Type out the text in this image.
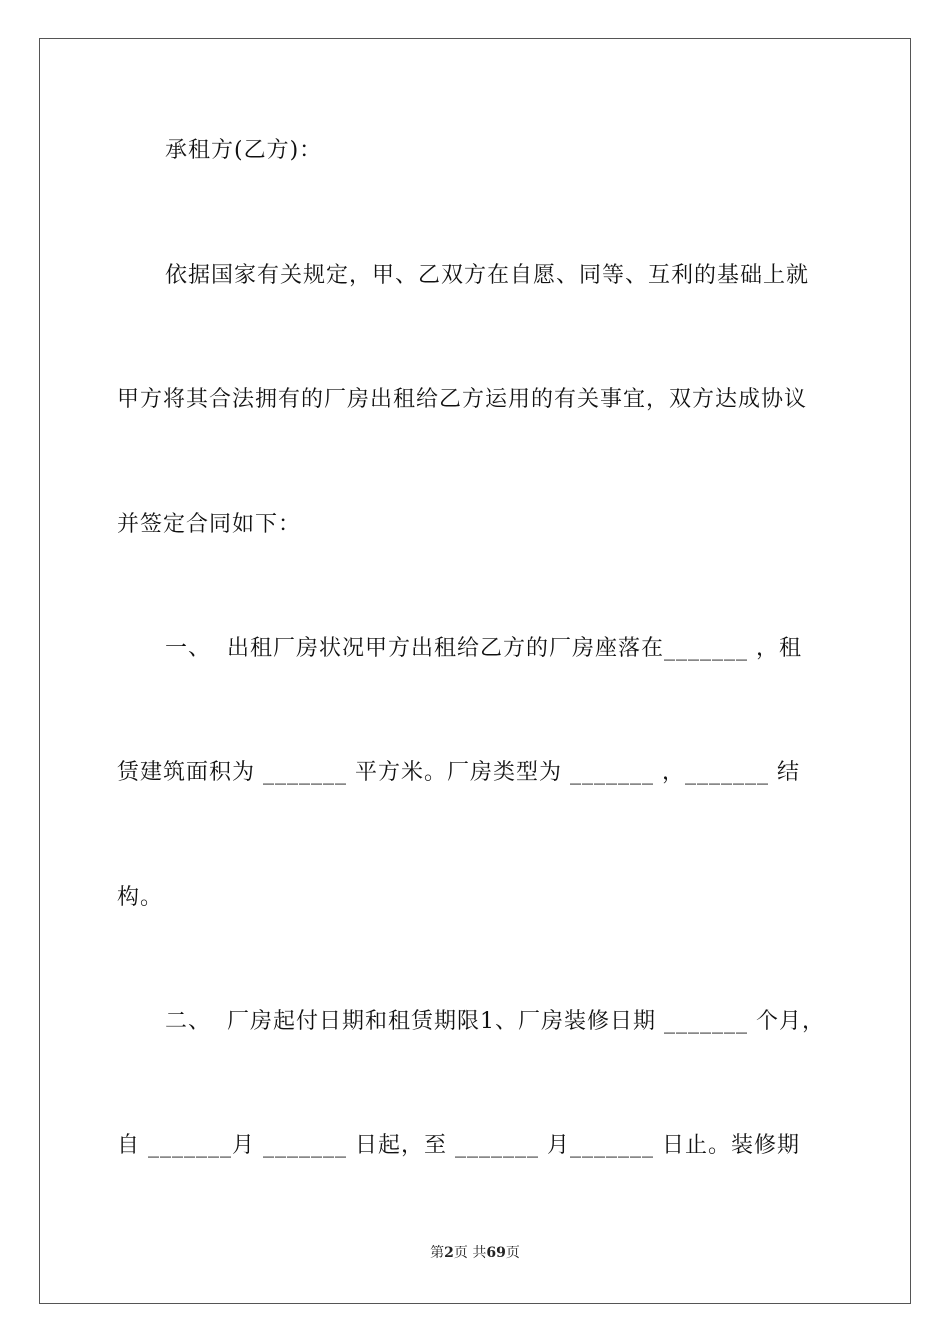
承租方(乙方)：
依据国家有关规定，甲、乙双方在自愿、同等、互利的基础上就
甲方将其合法拥有的厂房出租给乙方运用的有关事宜，双方达成协议
并签定合同如下：
一、  出租厂房状况甲方出租给乙方的厂房座落在_______ ，租
赁建筑面积为 _______ 平方米。厂房类型为 _______ ，_______ 结
构。
二、  厂房起付日期和租赁期限1、厂房装修日期 _______ 个月，
自 _______月 _______ 日起，至 _______ 月_______ 日止。装修期
第2页 共69页
